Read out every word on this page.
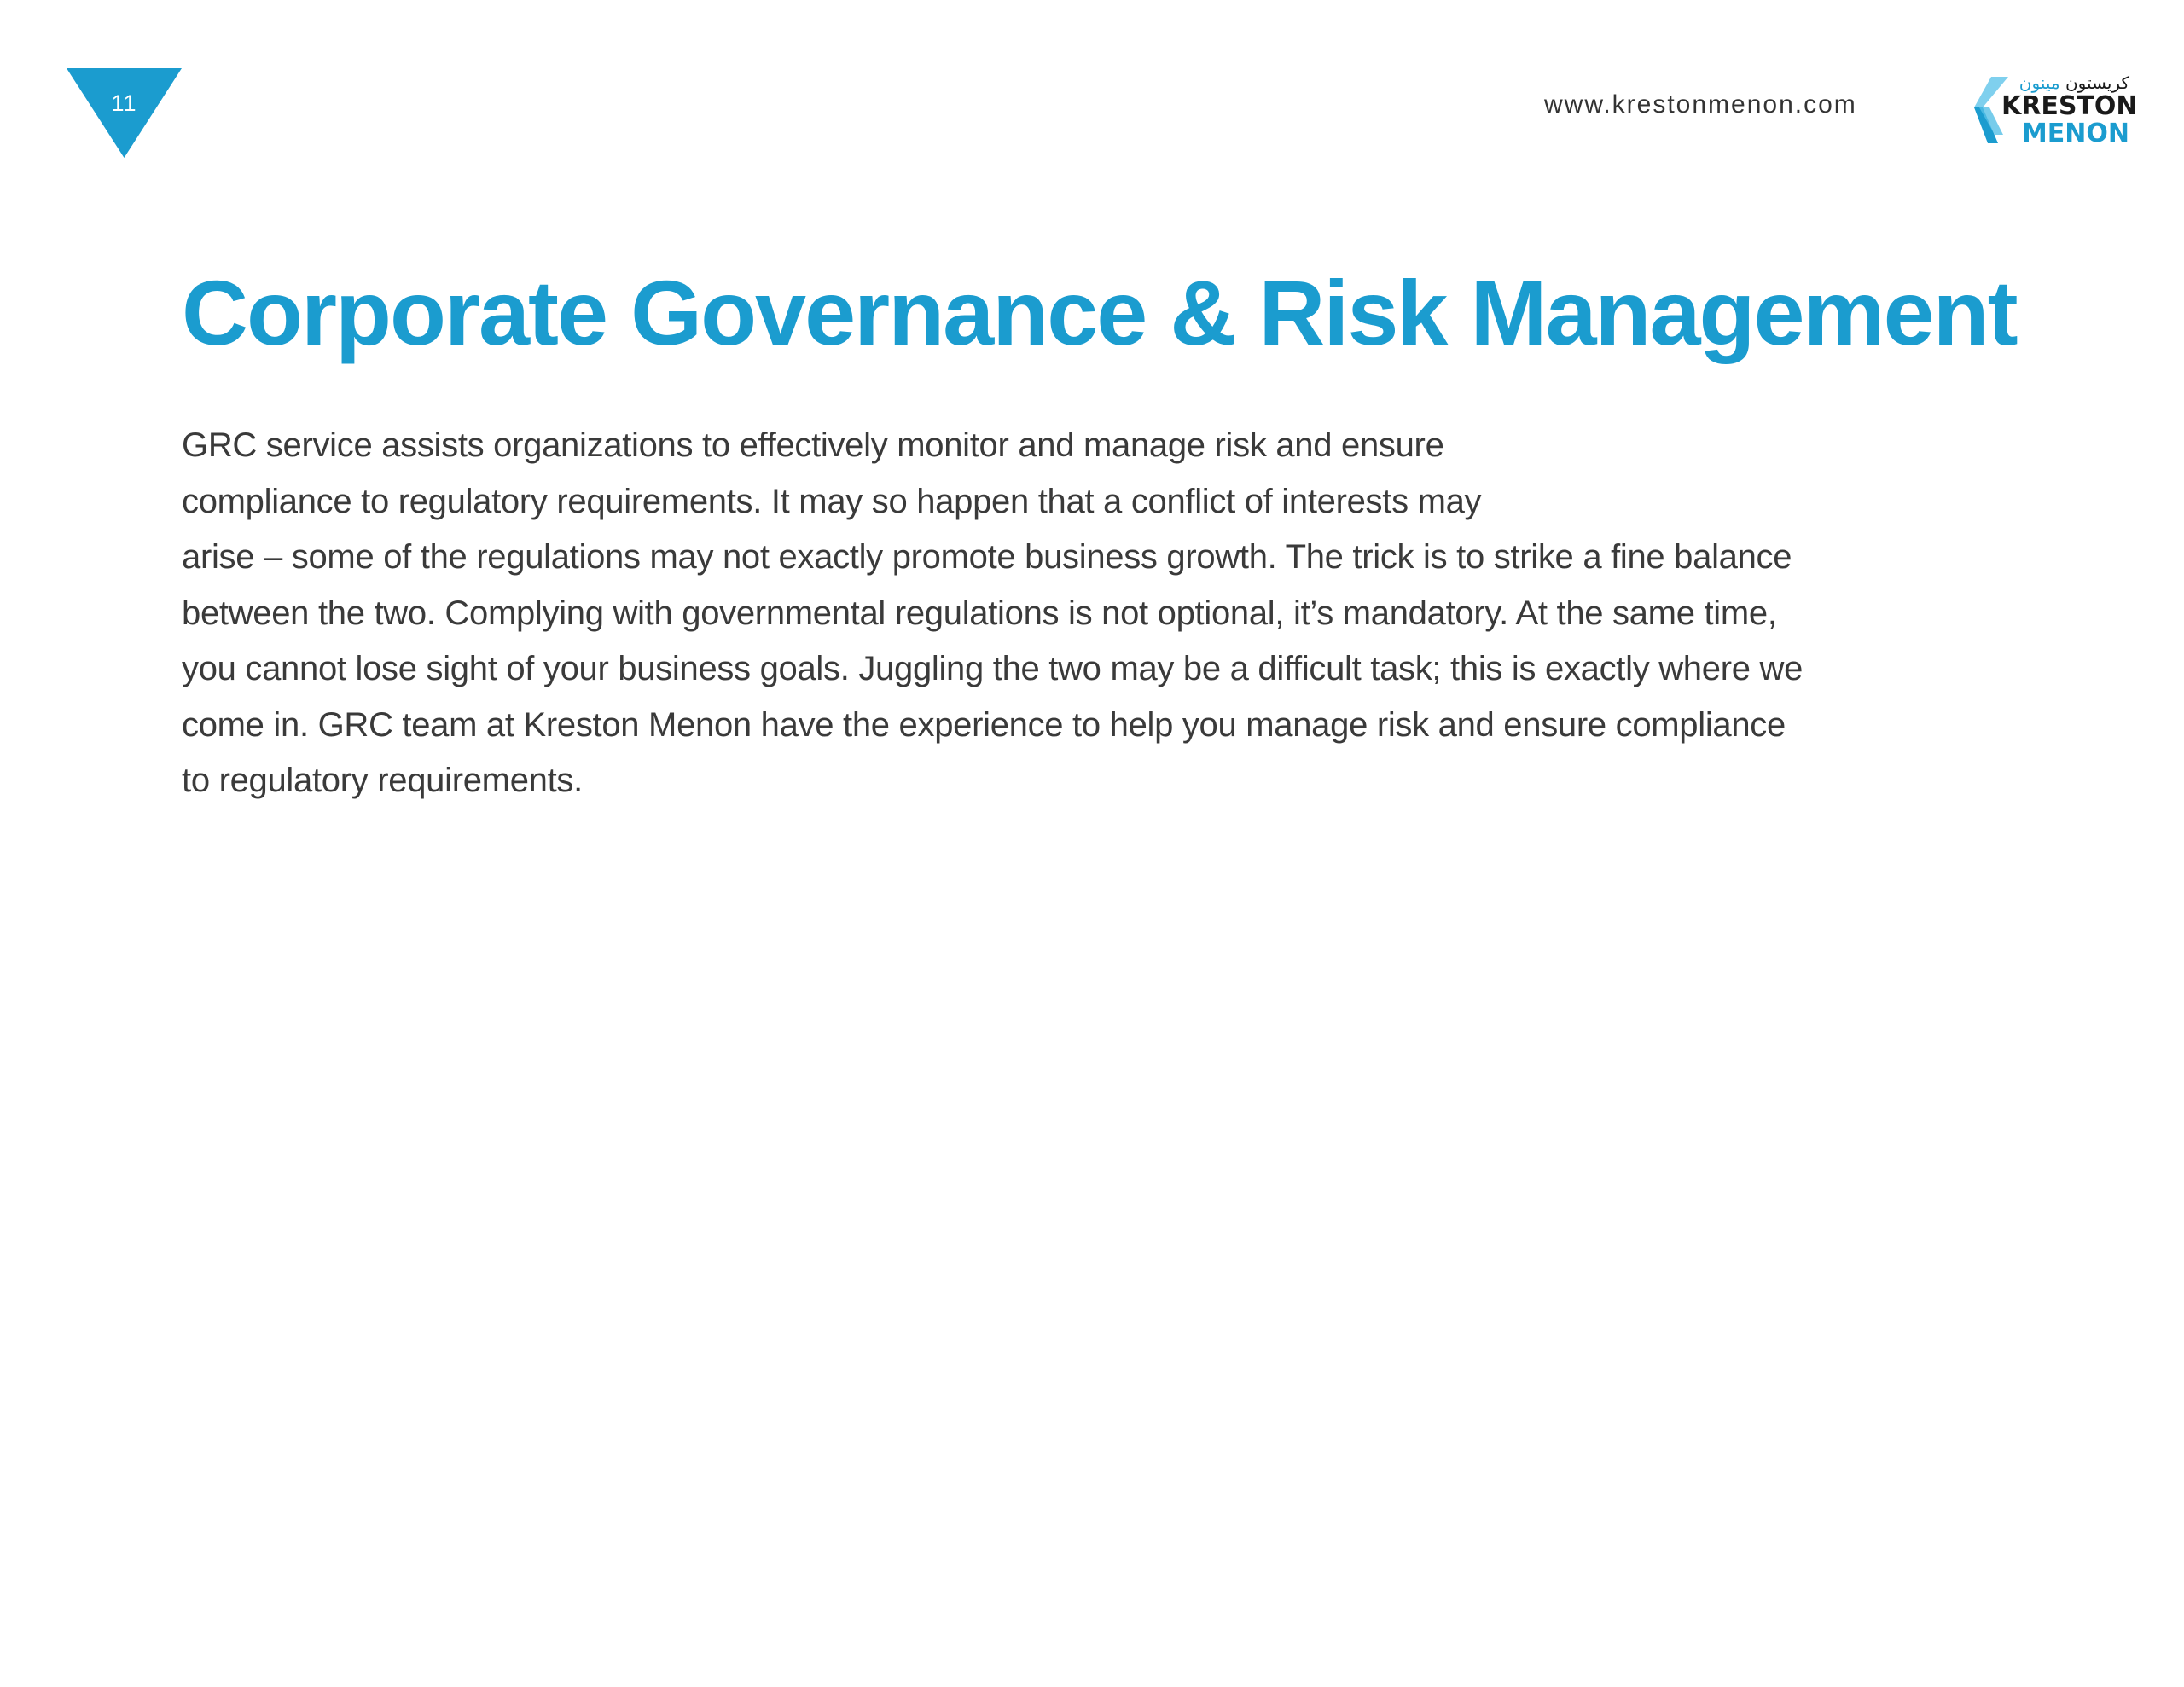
11	www.krestonmenon.com
كريستون مينون
KRESTON
MENON
Corporate Governance & Risk Management

GRC service assists organizations to effectively monitor and manage risk and ensure
compliance to regulatory requirements. It may so happen that a conflict of interests may
arise – some of the regulations may not exactly promote business growth. The trick is to strike a fine balance
between the two. Complying with governmental regulations is not optional, it’s mandatory. At the same time,
you cannot lose sight of your business goals. Juggling the two may be a difficult task; this is exactly where we
come in. GRC team at Kreston Menon have the experience to help you manage risk and ensure compliance
to regulatory requirements.
